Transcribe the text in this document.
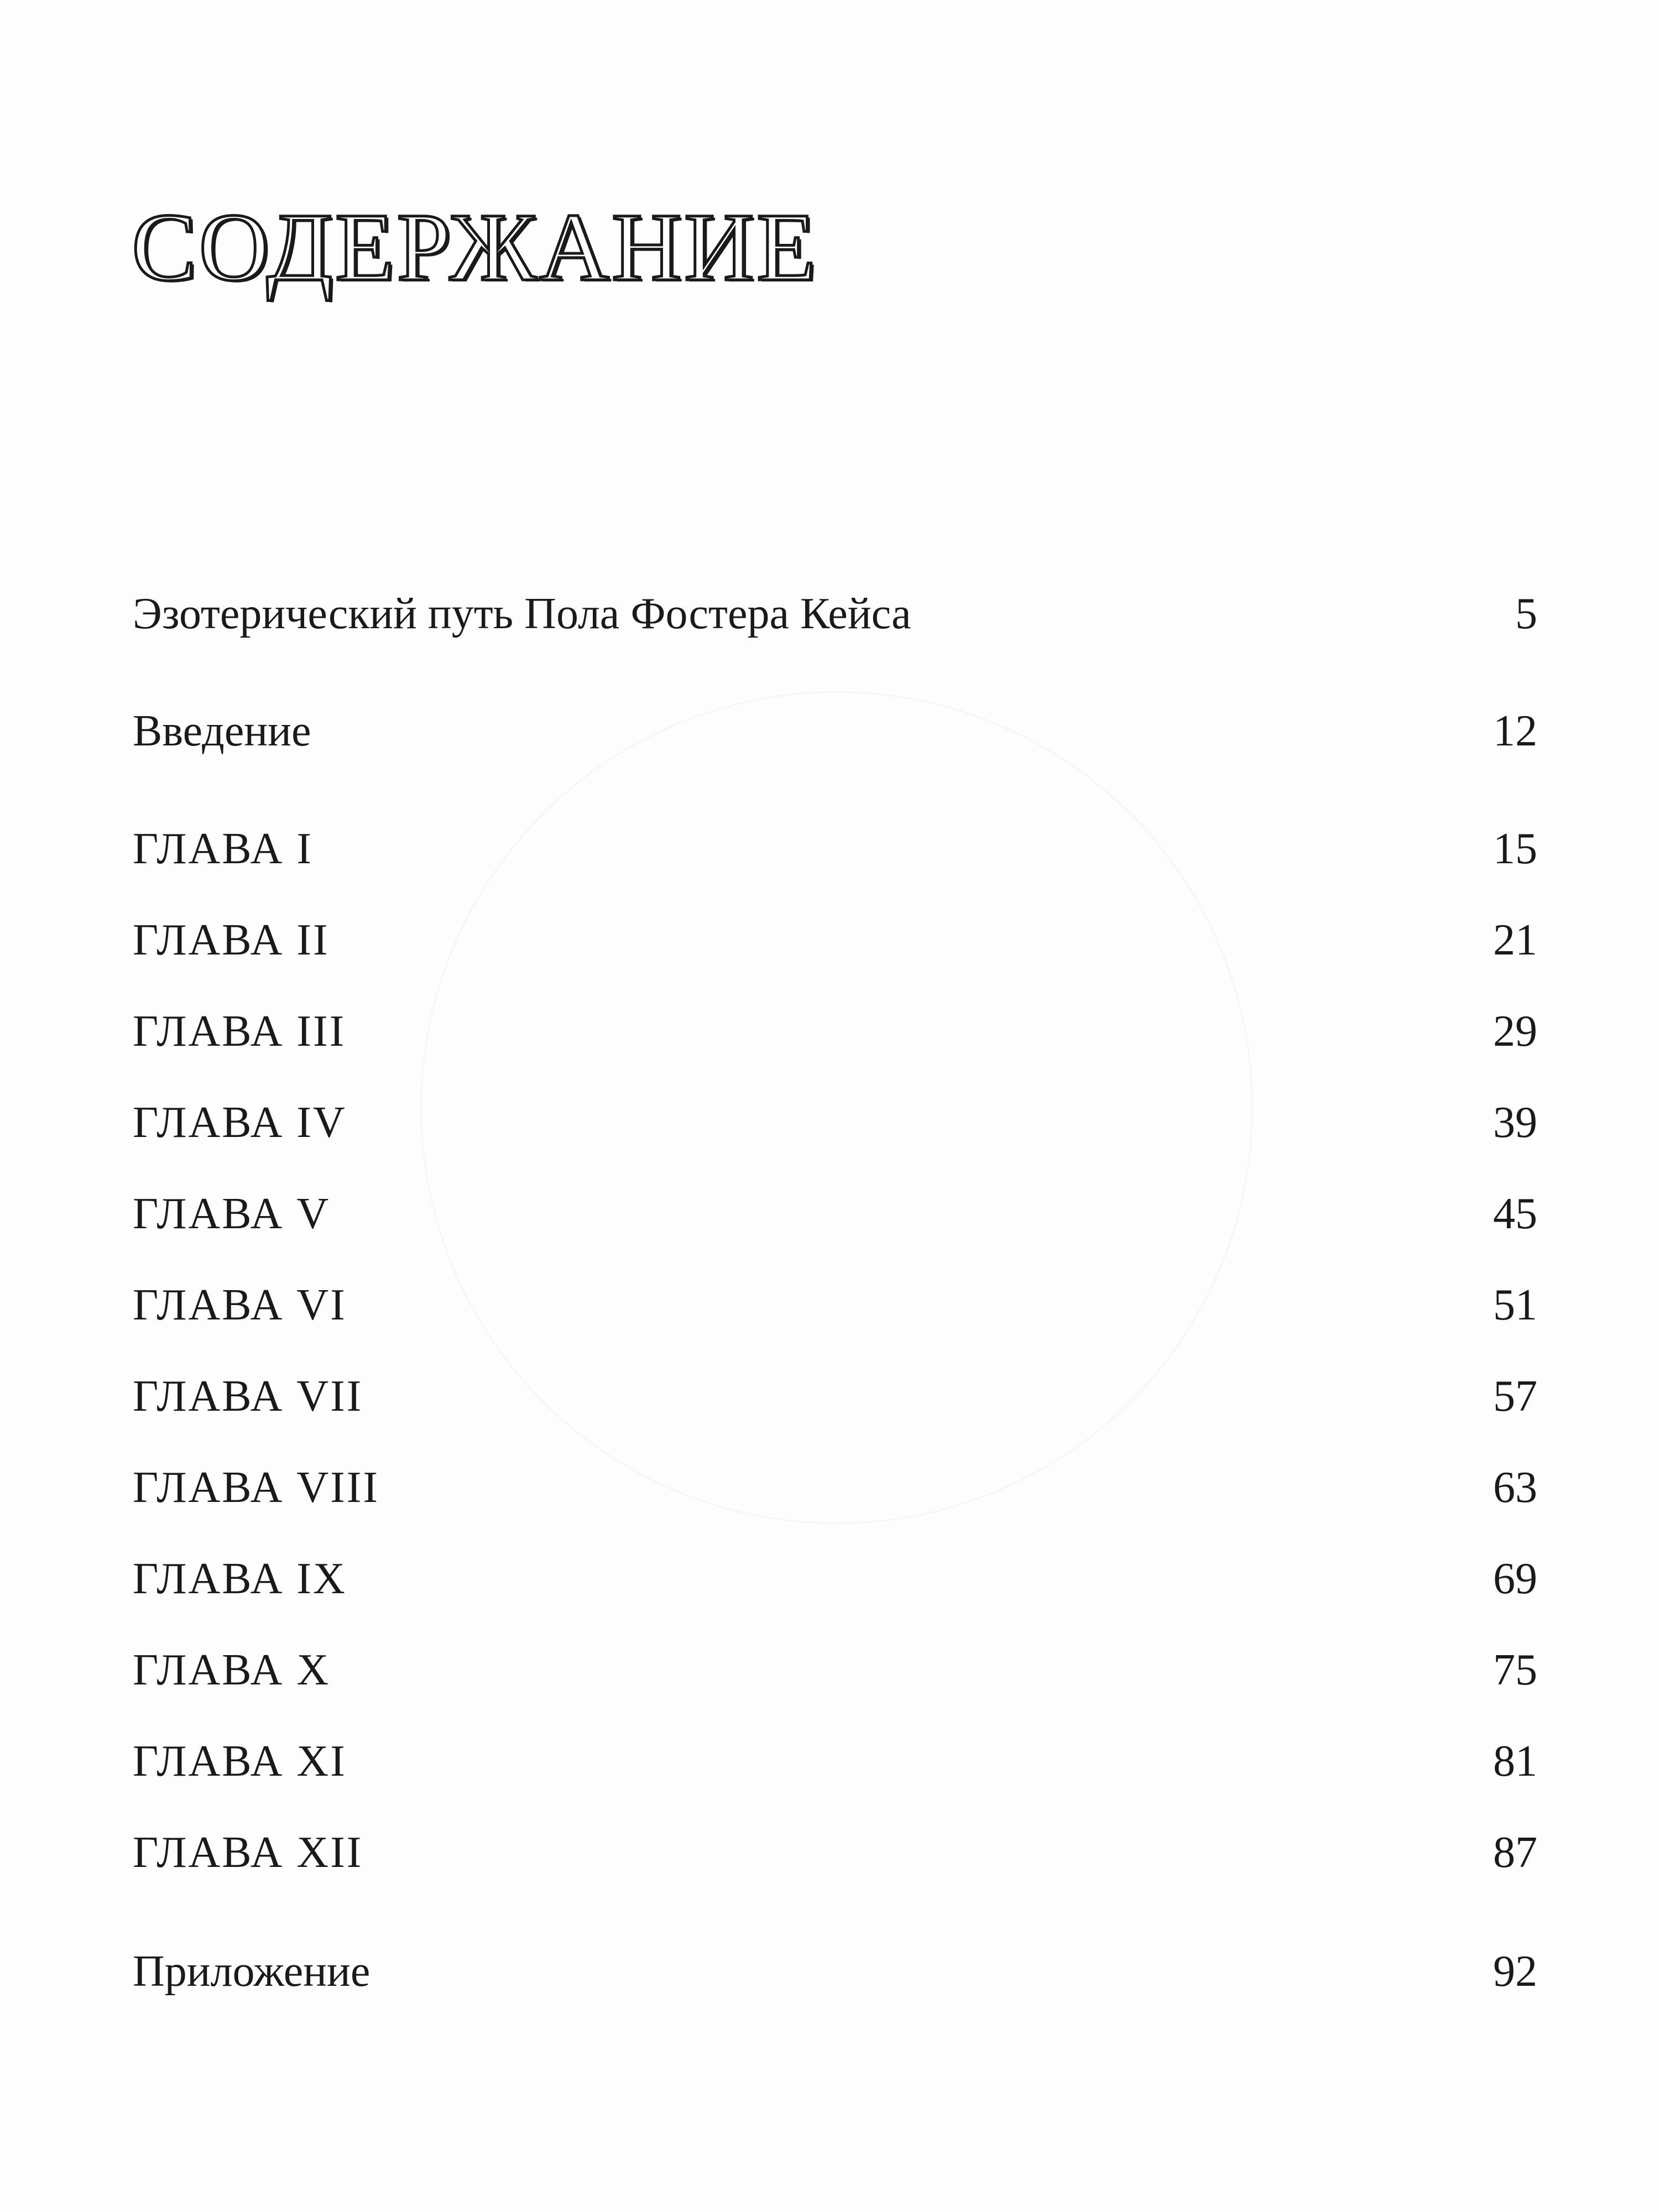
СОДЕРЖАНИЕ
Эзотерический путь Пола Фостера Кейса	5
Введение	12
ГЛАВА I	15
ГЛАВА II	21
ГЛАВА III	29
ГЛАВА IV	39
ГЛАВА V	45
ГЛАВА VI	51
ГЛАВА VII	57
ГЛАВА VIII	63
ГЛАВА IX	69
ГЛАВА X	75
ГЛАВА XI	81
ГЛАВА XII	87
Приложение	92
